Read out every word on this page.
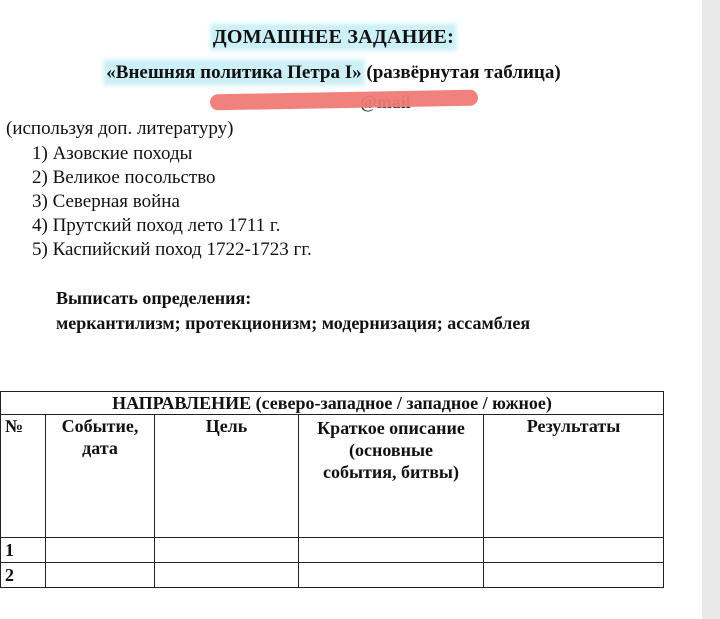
ДОМАШНЕЕ ЗАДАНИЕ:
«Внешняя политика Петра I» (развёрнутая таблица)
(используя доп. литературу)
1) Азовские походы
2) Великое посольство
3) Северная война
4) Прутский поход лето 1711 г.
5) Каспийский поход 1722-1723 гг.
Выписать определения:
меркантилизм; протекционизм; модернизация; ассамблея
НАПРАВЛЕНИЕ (северо-западное / западное / южное)				
№	Событие, дата	Цель	Краткое описание (основные события, битвы)	Результаты
1				
2				
